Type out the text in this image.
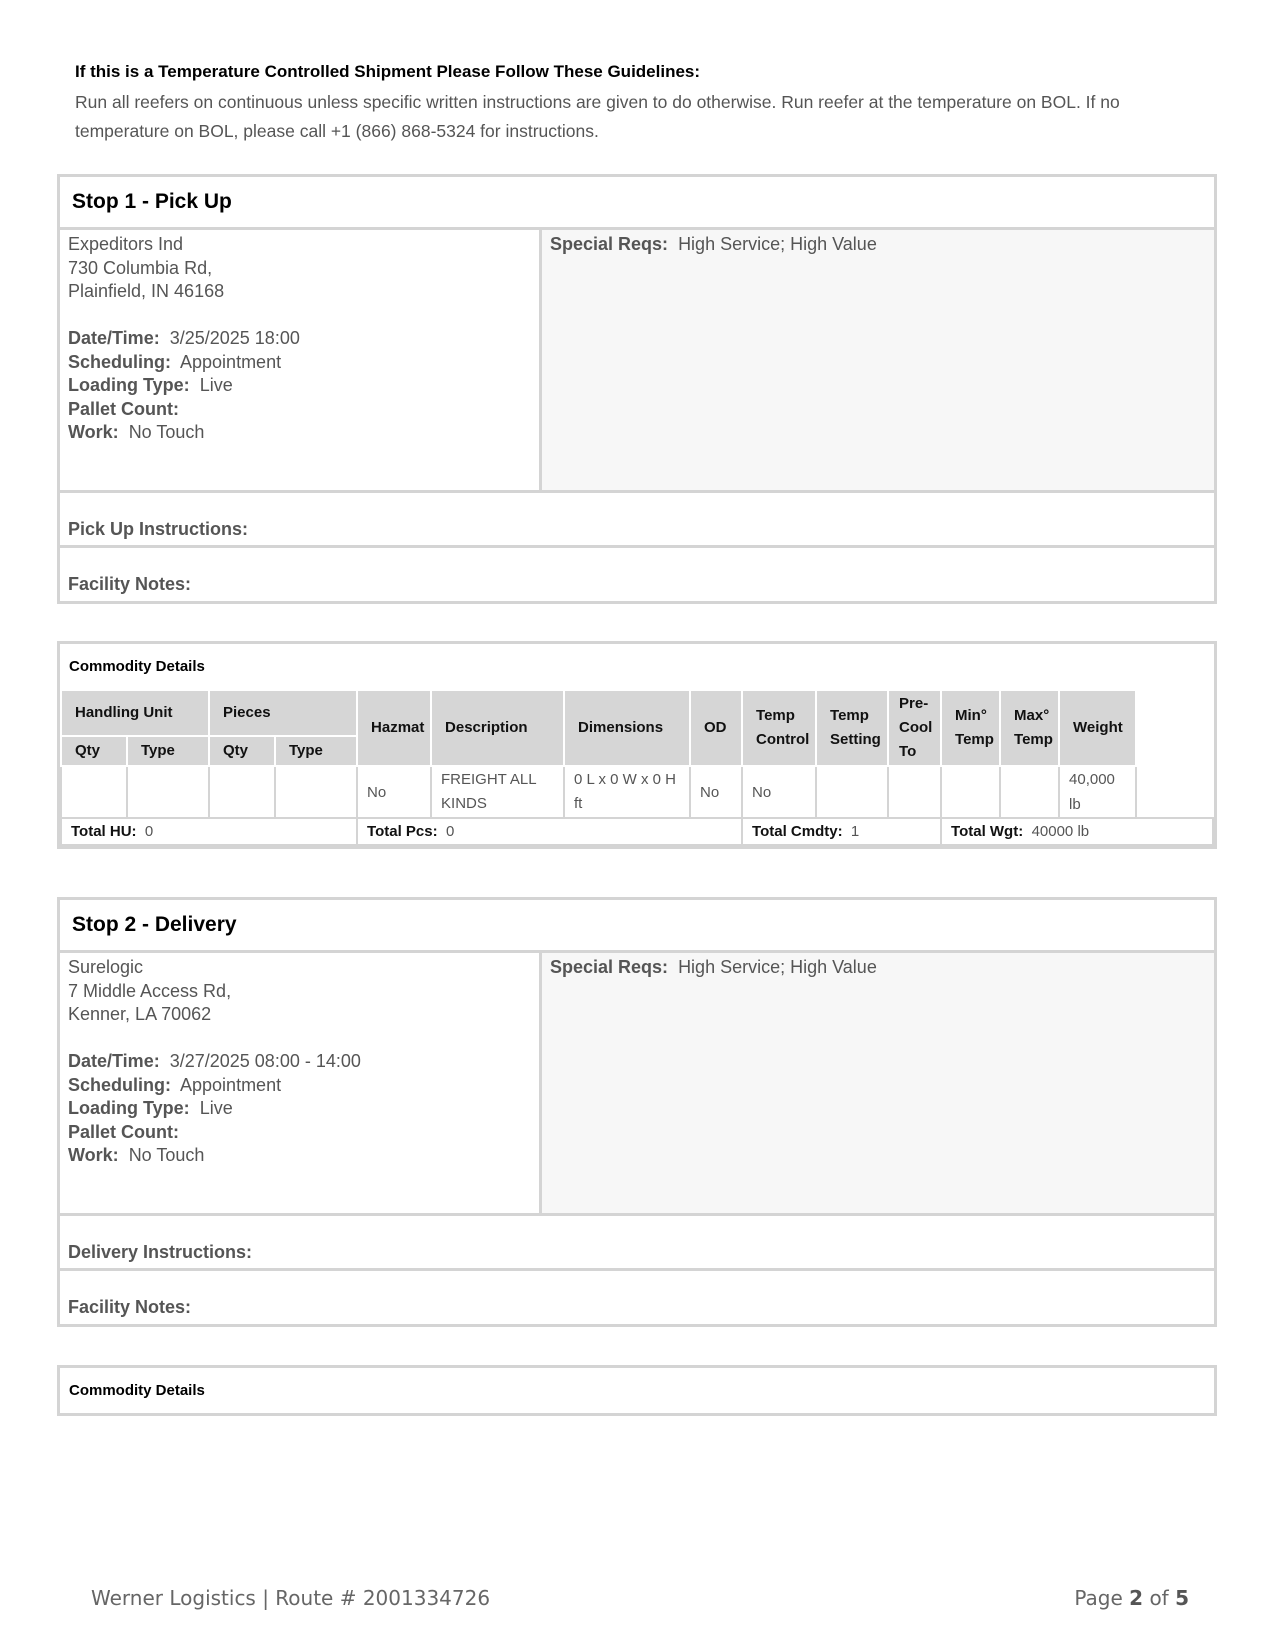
If this is a Temperature Controlled Shipment Please Follow These Guidelines:
Run all reefers on continuous unless specific written instructions are given to do otherwise. Run reefer at the temperature on BOL. If no temperature on BOL, please call +1 (866) 868-5324 for instructions.
Stop 1 - Pick Up
Expeditors Ind
730 Columbia Rd,
Plainfield, IN 46168
Date/Time: 3/25/2025 18:00
Scheduling: Appointment
Loading Type: Live
Pallet Count:
Work: No Touch
Special Reqs: High Service; High Value
Pick Up Instructions:
Facility Notes:
Commodity Details
Handling Unit		Pieces		Hazmat	Description	Dimensions	OD	Temp Control	Temp Setting	Pre-Cool To	Min° Temp	Max° Temp	Weight
Qty	Type	Qty	Type										
				No	FREIGHT ALL KINDS	0 L x 0 W x 0 H ft	No	No					40,000 lb
Total HU: 0				Total Pcs: 0				Total Cmdty: 1			Total Wgt: 40000 lb		
Stop 2 - Delivery
Surelogic
7 Middle Access Rd,
Kenner, LA 70062
Date/Time: 3/27/2025 08:00 - 14:00
Scheduling: Appointment
Loading Type: Live
Pallet Count:
Work: No Touch
Special Reqs: High Service; High Value
Delivery Instructions:
Facility Notes:
Commodity Details
Werner Logistics | Route # 2001334726	Page 2 of 5
